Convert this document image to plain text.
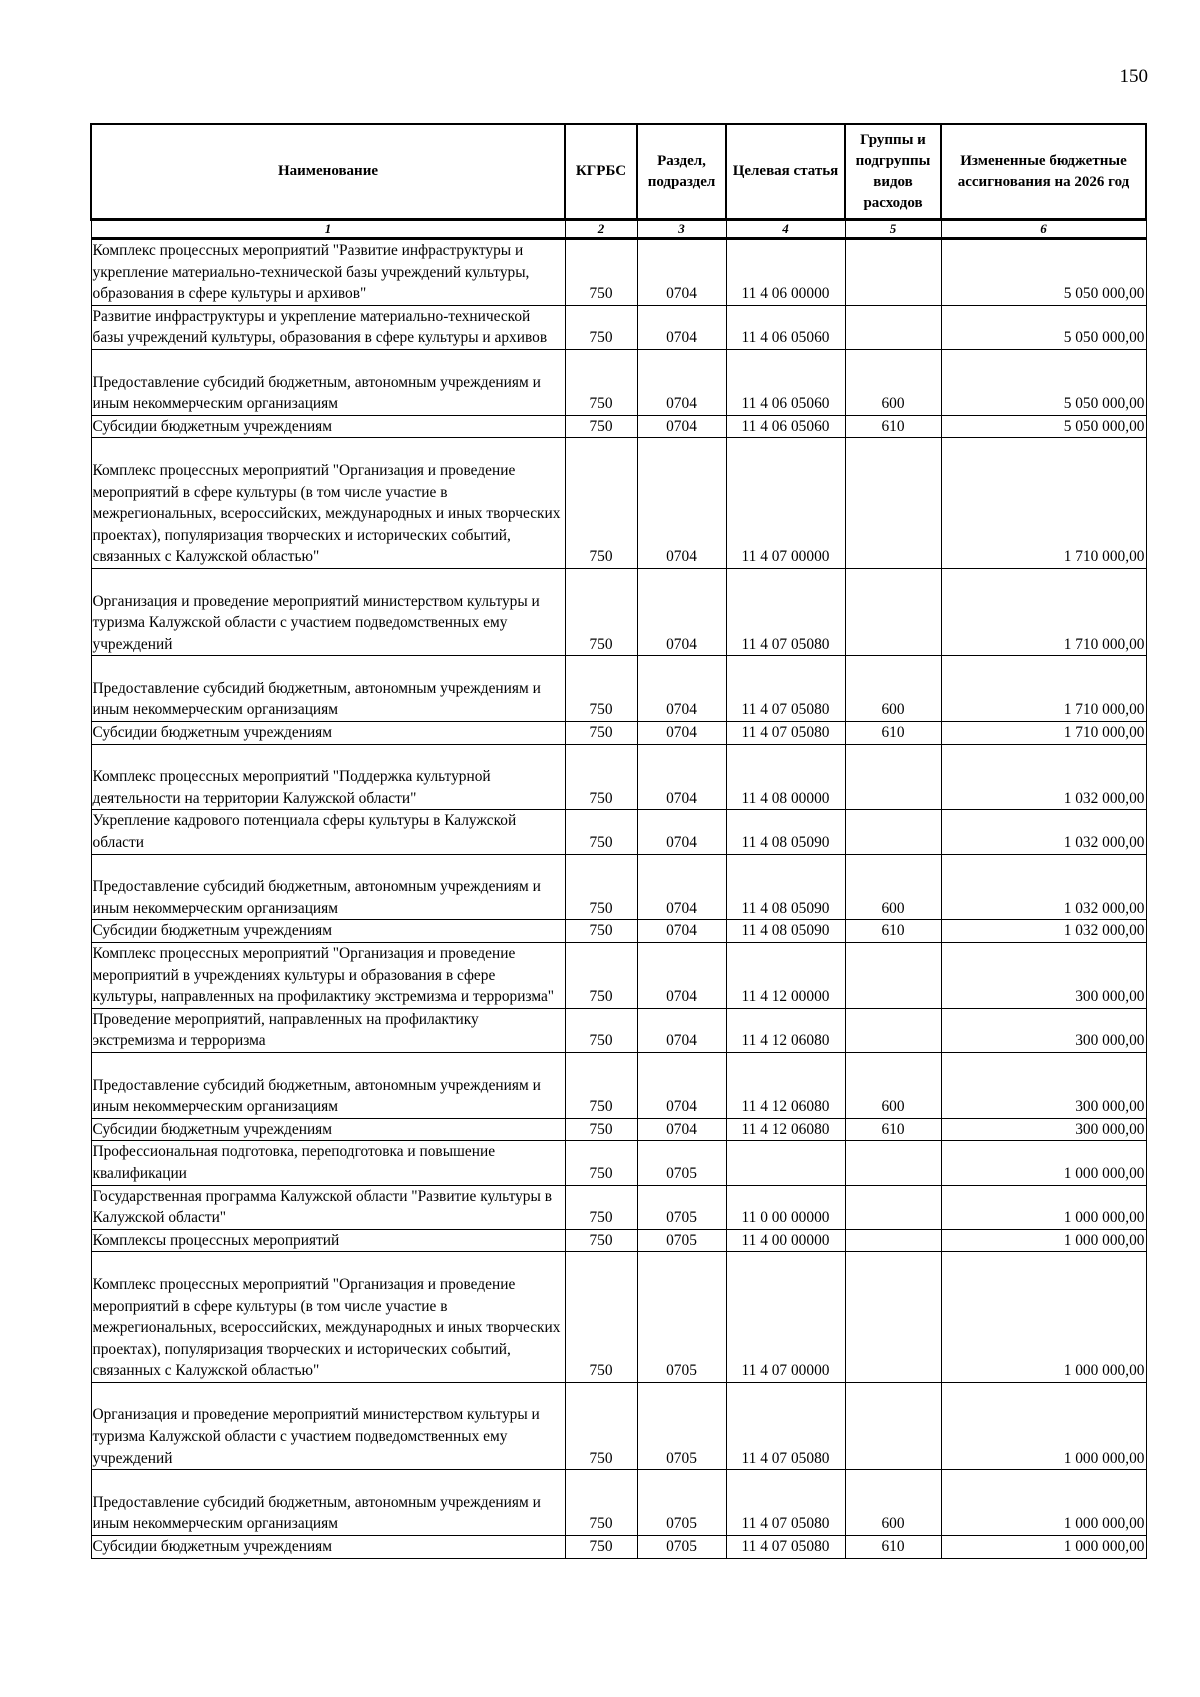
150
Наименование	КГРБС	Раздел, подраздел	Целевая статья	Группы и подгруппы видов расходов	Измененные бюджетные ассигнования на 2026 год
1	2	3	4	5	6
Комплекс процессных мероприятий "Развитие инфраструктуры и укрепление материально-технической базы учреждений культуры, образования в сфере культуры и архивов"	750	0704	11 4 06 00000		5 050 000,00
Развитие инфраструктуры и укрепление материально-технической базы учреждений культуры, образования в сфере культуры и архивов	750	0704	11 4 06 05060		5 050 000,00
Предоставление субсидий бюджетным, автономным учреждениям и иным некоммерческим организациям	750	0704	11 4 06 05060	600	5 050 000,00
Субсидии бюджетным учреждениям	750	0704	11 4 06 05060	610	5 050 000,00
Комплекс процессных мероприятий "Организация и проведение мероприятий в сфере культуры (в том числе участие в межрегиональных, всероссийских, международных и иных творческих проектах), популяризация творческих и исторических событий, связанных с Калужской областью"	750	0704	11 4 07 00000		1 710 000,00
Организация и проведение мероприятий министерством культуры и туризма Калужской области с участием подведомственных ему учреждений	750	0704	11 4 07 05080		1 710 000,00
Предоставление субсидий бюджетным, автономным учреждениям и иным некоммерческим организациям	750	0704	11 4 07 05080	600	1 710 000,00
Субсидии бюджетным учреждениям	750	0704	11 4 07 05080	610	1 710 000,00
Комплекс процессных мероприятий "Поддержка культурной деятельности на территории Калужской области"	750	0704	11 4 08 00000		1 032 000,00
Укрепление кадрового потенциала сферы культуры в Калужской области	750	0704	11 4 08 05090		1 032 000,00
Предоставление субсидий бюджетным, автономным учреждениям и иным некоммерческим организациям	750	0704	11 4 08 05090	600	1 032 000,00
Субсидии бюджетным учреждениям	750	0704	11 4 08 05090	610	1 032 000,00
Комплекс процессных мероприятий "Организация и проведение мероприятий в учреждениях культуры и образования в сфере культуры, направленных на профилактику экстремизма и терроризма"	750	0704	11 4 12 00000		300 000,00
Проведение мероприятий, направленных на профилактику экстремизма и терроризма	750	0704	11 4 12 06080		300 000,00
Предоставление субсидий бюджетным, автономным учреждениям и иным некоммерческим организациям	750	0704	11 4 12 06080	600	300 000,00
Субсидии бюджетным учреждениям	750	0704	11 4 12 06080	610	300 000,00
Профессиональная подготовка, переподготовка и повышение квалификации	750	0705			1 000 000,00
Государственная программа Калужской области "Развитие культуры в Калужской области"	750	0705	11 0 00 00000		1 000 000,00
Комплексы процессных мероприятий	750	0705	11 4 00 00000		1 000 000,00
Комплекс процессных мероприятий "Организация и проведение мероприятий в сфере культуры (в том числе участие в межрегиональных, всероссийских, международных и иных творческих проектах), популяризация творческих и исторических событий, связанных с Калужской областью"	750	0705	11 4 07 00000		1 000 000,00
Организация и проведение мероприятий министерством культуры и туризма Калужской области с участием подведомственных ему учреждений	750	0705	11 4 07 05080		1 000 000,00
Предоставление субсидий бюджетным, автономным учреждениям и иным некоммерческим организациям	750	0705	11 4 07 05080	600	1 000 000,00
Субсидии бюджетным учреждениям	750	0705	11 4 07 05080	610	1 000 000,00
